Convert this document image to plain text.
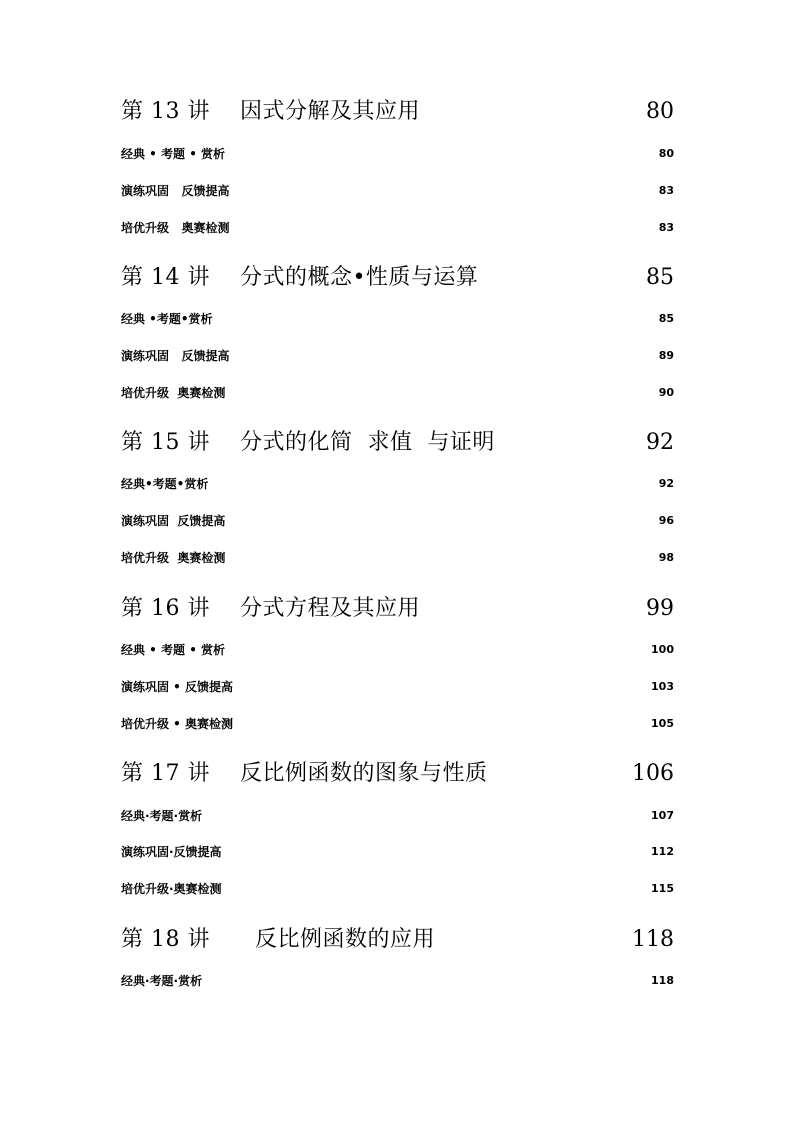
第 13 讲    因式分解及其应用	80
经典 • 考题 • 赏析	80
演练巩固   反馈提高	83
培优升级   奥赛检测	83
第 14 讲    分式的概念•性质与运算	85
经典 •考题•赏析	85
演练巩固   反馈提高	89
培优升级  奥赛检测	90
第 15 讲    分式的化简  求值  与证明	92
经典•考题•赏析	92
演练巩固  反馈提高	96
培优升级  奥赛检测	98
第 16 讲    分式方程及其应用	99
经典 • 考题 • 赏析	100
演练巩固 • 反馈提高	103
培优升级 • 奥赛检测	105
第 17 讲    反比例函数的图象与性质	106
经典·考题·赏析	107
演练巩固·反馈提高	112
培优升级·奥赛检测	115
第 18 讲      反比例函数的应用	118
经典·考题·赏析	118
